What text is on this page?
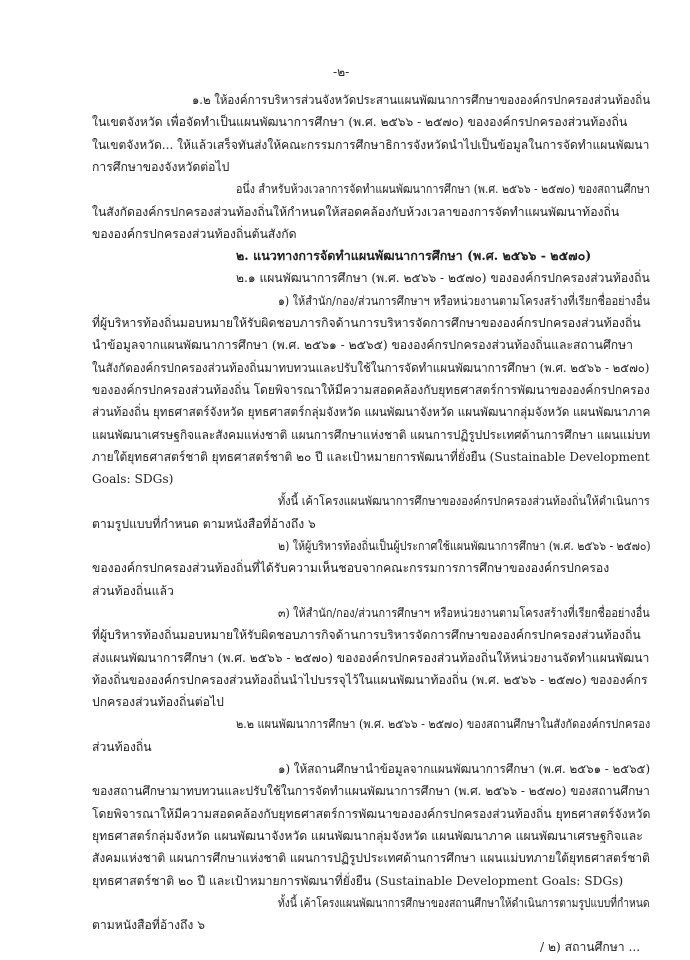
-๒-
๑.๒ ให้องค์การบริหารส่วนจังหวัดประสานแผนพัฒนาการศึกษาขององค์กรปกครองส่วนท้องถิ่น
ในเขตจังหวัด เพื่อจัดทำเป็นแผนพัฒนาการศึกษา (พ.ศ. ๒๕๖๖ - ๒๕๗๐) ขององค์กรปกครองส่วนท้องถิ่น
ในเขตจังหวัด... ให้แล้วเสร็จทันส่งให้คณะกรรมการศึกษาธิการจังหวัดนำไปเป็นข้อมูลในการจัดทำแผนพัฒนา
การศึกษาของจังหวัดต่อไป
อนึ่ง สำหรับห้วงเวลาการจัดทำแผนพัฒนาการศึกษา (พ.ศ. ๒๕๖๖ - ๒๕๗๐) ของสถานศึกษา
ในสังกัดองค์กรปกครองส่วนท้องถิ่นให้กำหนดให้สอดคล้องกับห้วงเวลาของการจัดทำแผนพัฒนาท้องถิ่น
ขององค์กรปกครองส่วนท้องถิ่นต้นสังกัด
๒. แนวทางการจัดทำแผนพัฒนาการศึกษา (พ.ศ. ๒๕๖๖ - ๒๕๗๐)
๒.๑ แผนพัฒนาการศึกษา (พ.ศ. ๒๕๖๖ - ๒๕๗๐) ขององค์กรปกครองส่วนท้องถิ่น
๑) ให้สำนัก/กอง/ส่วนการศึกษาฯ หรือหน่วยงานตามโครงสร้างที่เรียกชื่ออย่างอื่น
ที่ผู้บริหารท้องถิ่นมอบหมายให้รับผิดชอบภารกิจด้านการบริหารจัดการศึกษาขององค์กรปกครองส่วนท้องถิ่น
นำข้อมูลจากแผนพัฒนาการศึกษา (พ.ศ. ๒๕๖๑ - ๒๕๖๕) ขององค์กรปกครองส่วนท้องถิ่นและสถานศึกษา
ในสังกัดองค์กรปกครองส่วนท้องถิ่นมาทบทวนและปรับใช้ในการจัดทำแผนพัฒนาการศึกษา (พ.ศ. ๒๕๖๖ - ๒๕๗๐)
ขององค์กรปกครองส่วนท้องถิ่น โดยพิจารณาให้มีความสอดคล้องกับยุทธศาสตร์การพัฒนาขององค์กรปกครอง
ส่วนท้องถิ่น ยุทธศาสตร์จังหวัด ยุทธศาสตร์กลุ่มจังหวัด แผนพัฒนาจังหวัด แผนพัฒนากลุ่มจังหวัด แผนพัฒนาภาค
แผนพัฒนาเศรษฐกิจและสังคมแห่งชาติ แผนการศึกษาแห่งชาติ แผนการปฏิรูปประเทศด้านการศึกษา แผนแม่บท
ภายใต้ยุทธศาสตร์ชาติ ยุทธศาสตร์ชาติ ๒๐ ปี และเป้าหมายการพัฒนาที่ยั่งยืน (Sustainable Development
Goals: SDGs)
ทั้งนี้ เค้าโครงแผนพัฒนาการศึกษาขององค์กรปกครองส่วนท้องถิ่นให้ดำเนินการ
ตามรูปแบบที่กำหนด ตามหนังสือที่อ้างถึง ๖
๒) ให้ผู้บริหารท้องถิ่นเป็นผู้ประกาศใช้แผนพัฒนาการศึกษา (พ.ศ. ๒๕๖๖ - ๒๕๗๐)
ขององค์กรปกครองส่วนท้องถิ่นที่ได้รับความเห็นชอบจากคณะกรรมการการศึกษาขององค์กรปกครอง
ส่วนท้องถิ่นแล้ว
๓) ให้สำนัก/กอง/ส่วนการศึกษาฯ หรือหน่วยงานตามโครงสร้างที่เรียกชื่ออย่างอื่น
ที่ผู้บริหารท้องถิ่นมอบหมายให้รับผิดชอบภารกิจด้านการบริหารจัดการศึกษาขององค์กรปกครองส่วนท้องถิ่น
ส่งแผนพัฒนาการศึกษา (พ.ศ. ๒๕๖๖ - ๒๕๗๐) ขององค์กรปกครองส่วนท้องถิ่นให้หน่วยงานจัดทำแผนพัฒนา
ท้องถิ่นขององค์กรปกครองส่วนท้องถิ่นนำไปบรรจุไว้ในแผนพัฒนาท้องถิ่น (พ.ศ. ๒๕๖๖ - ๒๕๗๐) ขององค์กร
ปกครองส่วนท้องถิ่นต่อไป
๒.๒ แผนพัฒนาการศึกษา (พ.ศ. ๒๕๖๖ - ๒๕๗๐) ของสถานศึกษาในสังกัดองค์กรปกครอง
ส่วนท้องถิ่น
๑) ให้สถานศึกษานำข้อมูลจากแผนพัฒนาการศึกษา (พ.ศ. ๒๕๖๑ - ๒๕๖๕)
ของสถานศึกษามาทบทวนและปรับใช้ในการจัดทำแผนพัฒนาการศึกษา (พ.ศ. ๒๕๖๖ - ๒๕๗๐) ของสถานศึกษา
โดยพิจารณาให้มีความสอดคล้องกับยุทธศาสตร์การพัฒนาขององค์กรปกครองส่วนท้องถิ่น ยุทธศาสตร์จังหวัด
ยุทธศาสตร์กลุ่มจังหวัด แผนพัฒนาจังหวัด แผนพัฒนากลุ่มจังหวัด แผนพัฒนาภาค แผนพัฒนาเศรษฐกิจและ
สังคมแห่งชาติ แผนการศึกษาแห่งชาติ แผนการปฏิรูปประเทศด้านการศึกษา แผนแม่บทภายใต้ยุทธศาสตร์ชาติ
ยุทธศาสตร์ชาติ ๒๐ ปี และเป้าหมายการพัฒนาที่ยั่งยืน (Sustainable Development Goals: SDGs)
ทั้งนี้ เค้าโครงแผนพัฒนาการศึกษาของสถานศึกษาให้ดำเนินการตามรูปแบบที่กำหนด
ตามหนังสือที่อ้างถึง ๖
/ ๒) สถานศึกษา ...
